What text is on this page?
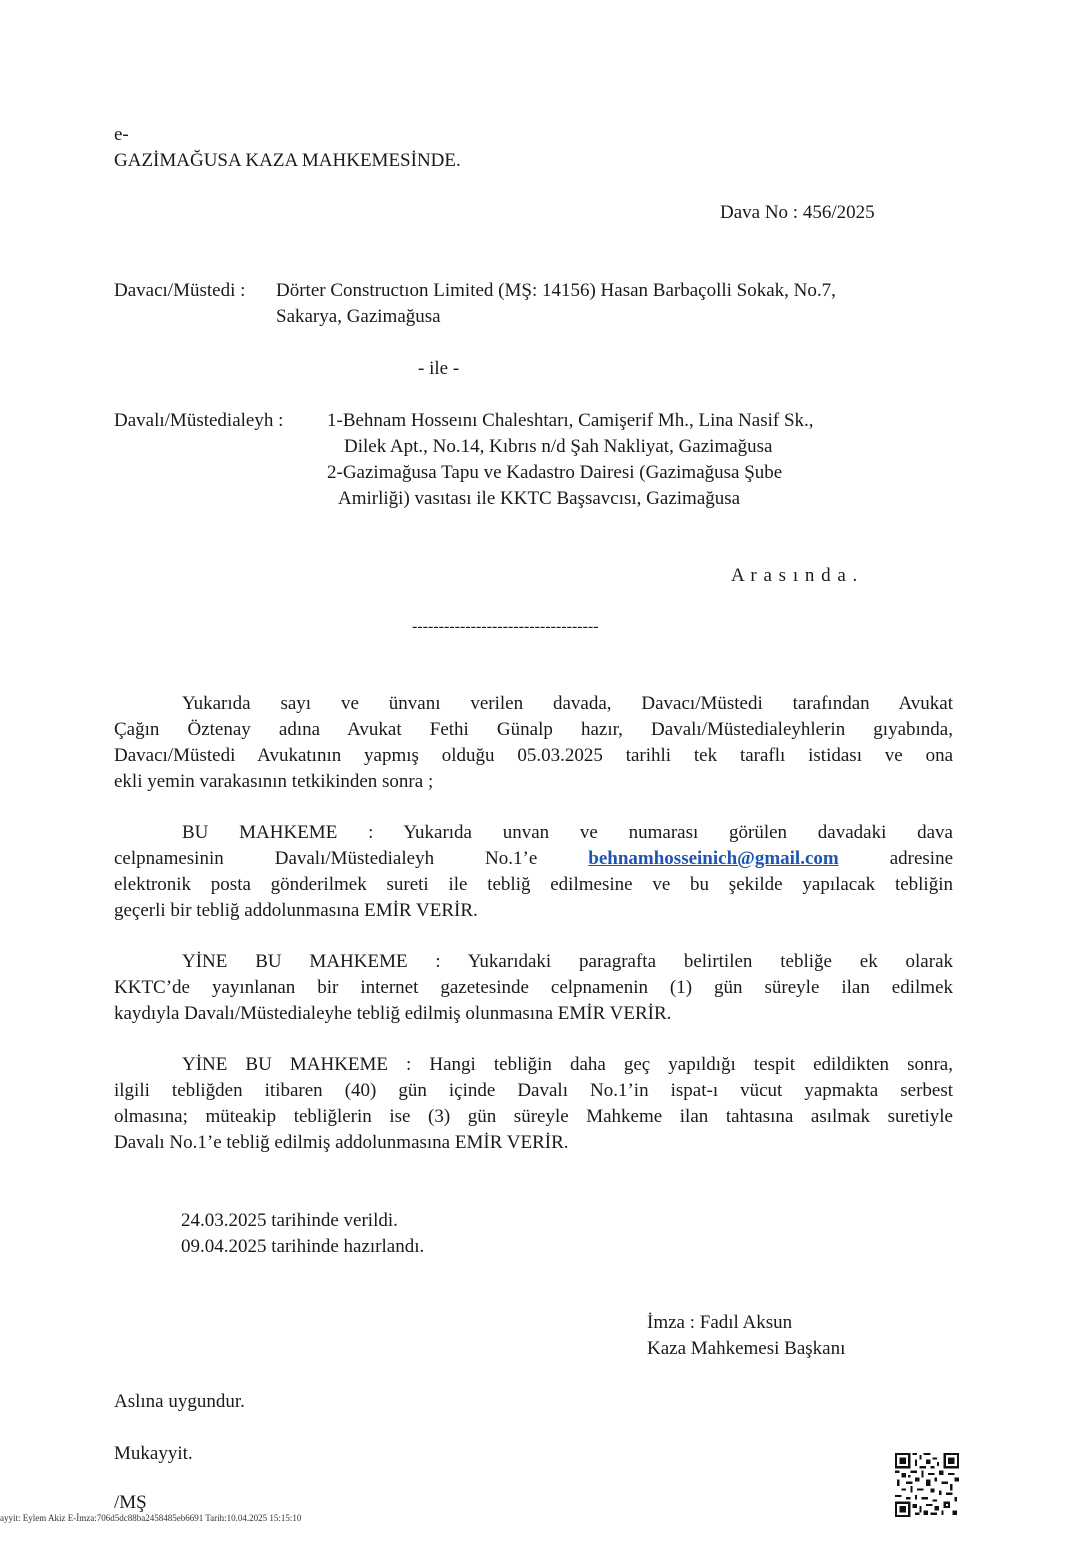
e-
GAZİMAĞUSA KAZA MAHKEMESİNDE.
Dava No : 456/2025
Davacı/Müstedi : Dörter Constructıon Limited (MŞ: 14156) Hasan Barbaçolli Sokak, No.7,
Sakarya, Gazimağusa
- ile -
Davalı/Müstedialeyh : 1-Behnam Hosseını Chaleshtarı, Camişerif Mh., Lina Nasif Sk.,
Dilek Apt., No.14, Kıbrıs n/d Şah Nakliyat, Gazimağusa
2-Gazimağusa Tapu ve Kadastro Dairesi (Gazimağusa Şube
Amirliği) vasıtası ile KKTC Başsavcısı, Gazimağusa
A r a s ı n d a .
-----------------------------------
Yukarıda sayı ve ünvanı verilen davada, Davacı/Müstedi tarafından Avukat
Çağın Öztenay adına Avukat Fethi Günalp hazır, Davalı/Müstedialeyhlerin gıyabında,
Davacı/Müstedi Avukatının yapmış olduğu 05.03.2025 tarihli tek taraflı istidası ve ona
ekli yemin varakasının tetkikinden sonra ;
BU MAHKEME : Yukarıda unvan ve numarası görülen davadaki dava
celpnamesinin Davalı/Müstedialeyh No.1’e	behnamhosseinich@gmail.com	adresine
elektronik posta gönderilmek sureti ile tebliğ edilmesine ve bu şekilde yapılacak tebliğin
geçerli bir tebliğ addolunmasına EMİR VERİR.
YİNE BU MAHKEME : Yukarıdaki paragrafta belirtilen tebliğe ek olarak
KKTC’de yayınlanan bir internet gazetesinde celpnamenin (1) gün süreyle ilan edilmek
kaydıyla Davalı/Müstedialeyhe tebliğ edilmiş olunmasına EMİR VERİR.
YİNE BU MAHKEME : Hangi tebliğin daha geç yapıldığı tespit edildikten sonra,
ilgili tebliğden itibaren (40) gün içinde Davalı No.1’in ispat-ı vücut yapmakta serbest
olmasına; müteakip tebliğlerin ise (3) gün süreyle Mahkeme ilan tahtasına asılmak suretiyle
Davalı No.1’e tebliğ edilmiş addolunmasına EMİR VERİR.
24.03.2025 tarihinde verildi.
09.04.2025 tarihinde hazırlandı.
İmza : Fadıl Aksun
Kaza Mahkemesi Başkanı
Aslına uygundur.
Mukayyit.
/MŞ
ayyit: Eylem Akiz E-İmza:706d5dc88ba2458485eb6691 Tarih:10.04.2025 15:15:10
